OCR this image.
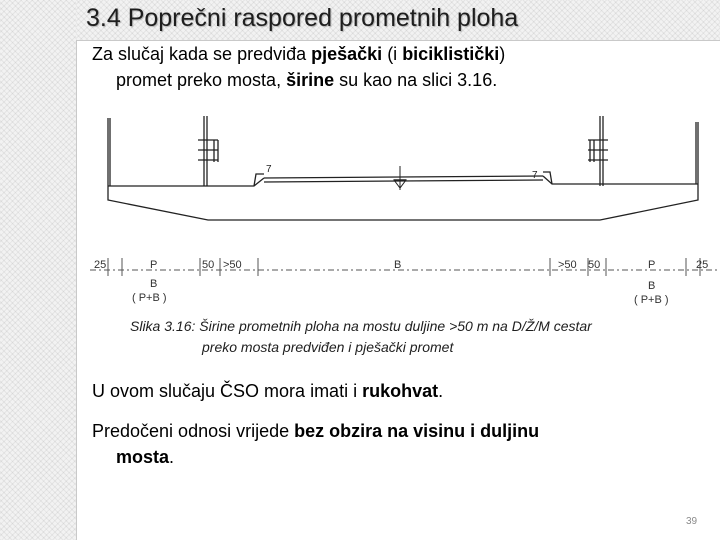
3.4 Poprečni raspored prometnih ploha
Za slučaj kada se predviđa pješački (i biciklistički)
promet preko mosta, širine su kao na slici 3.16.
7
7
25	P	50 >50	B	>50 50	P	25
B
( P+B )
B
( P+B )
Slika 3.16: Širine prometnih ploha na mostu duljine >50 m na D/Ž/M cestar
preko mosta predviđen i pješački promet
U ovom slučaju ČSO mora imati i rukohvat.
Predočeni odnosi vrijede bez obzira na visinu i duljinu
mosta.
39
